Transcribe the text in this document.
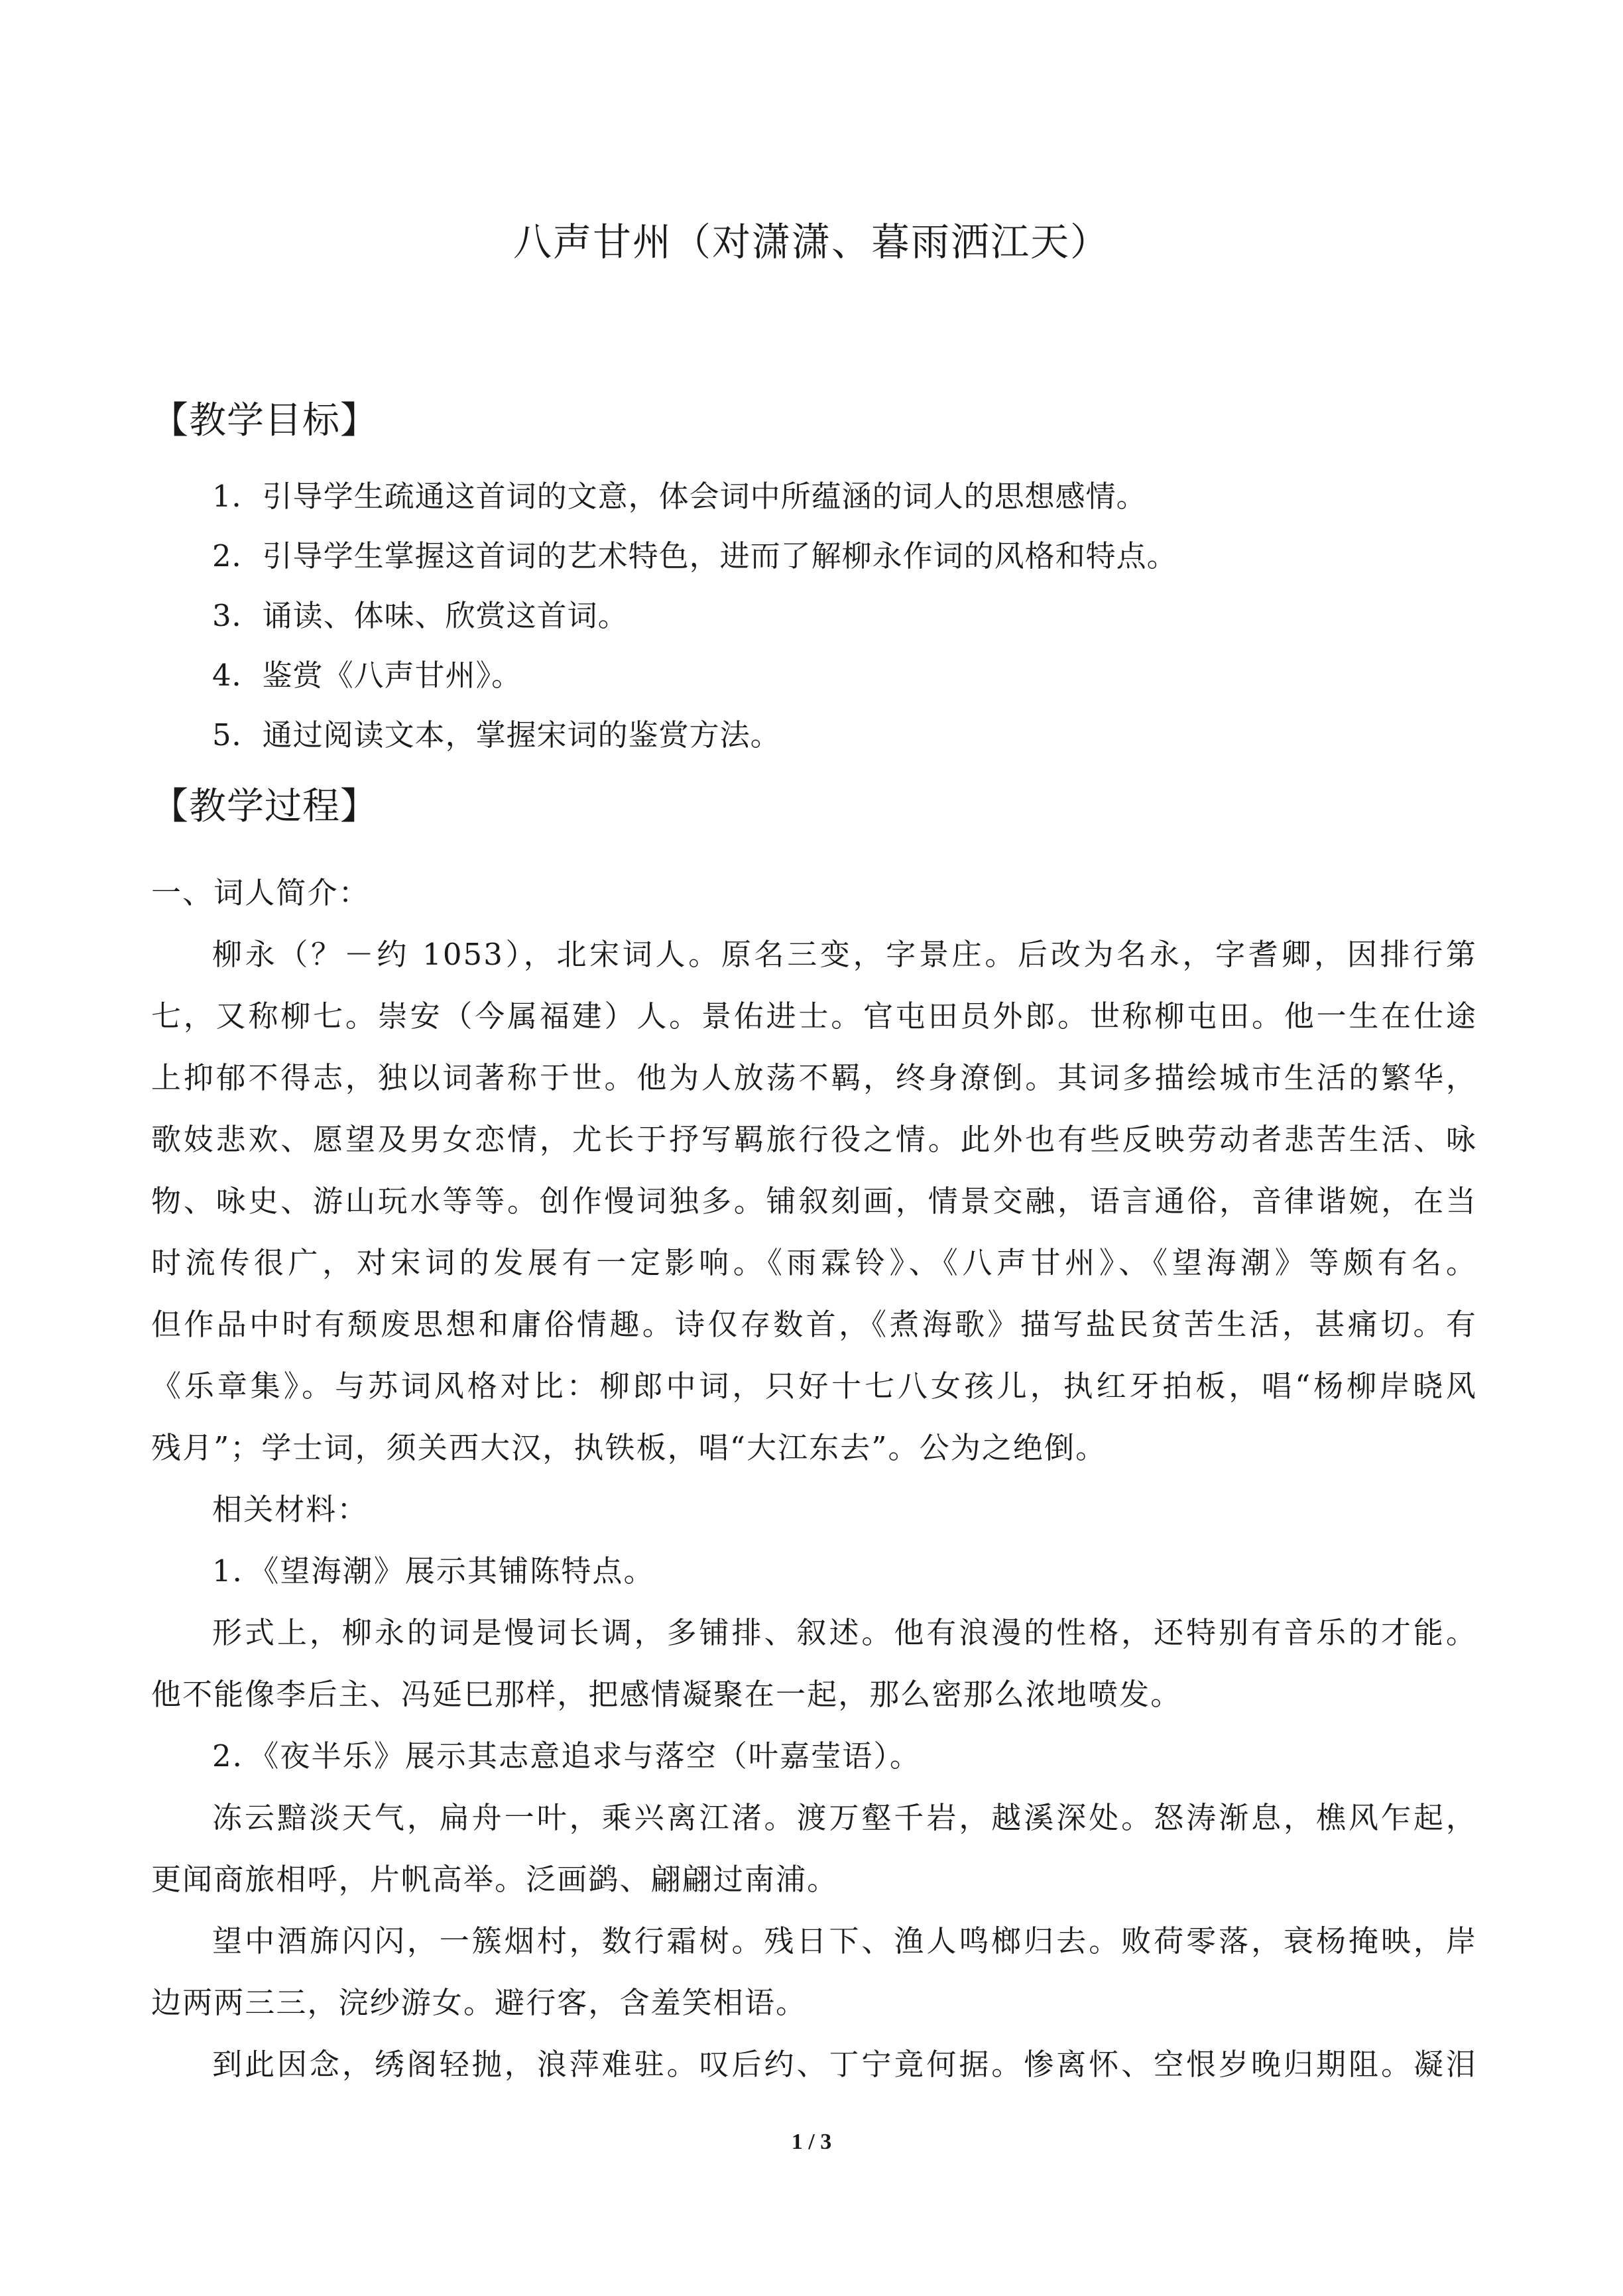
八声甘州（对潇潇、暮雨洒江天）
【教学目标】
1．引导学生疏通这首词的文意，体会词中所蕴涵的词人的思想感情。
2．引导学生掌握这首词的艺术特色，进而了解柳永作词的风格和特点。
3．诵读、体味、欣赏这首词。
4．鉴赏《八声甘州》。
5．通过阅读文本，掌握宋词的鉴赏方法。
【教学过程】
一、词人简介：
柳永（？－约 1053），北宋词人。原名三变，字景庄。后改为名永，字耆卿，因排行第
七，又称柳七。崇安（今属福建）人。景佑进士。官屯田员外郎。世称柳屯田。他一生在仕途
上抑郁不得志，独以词著称于世。他为人放荡不羁，终身潦倒。其词多描绘城市生活的繁华，
歌妓悲欢、愿望及男女恋情，尤长于抒写羁旅行役之情。此外也有些反映劳动者悲苦生活、咏
物、咏史、游山玩水等等。创作慢词独多。铺叙刻画，情景交融，语言通俗，音律谐婉，在当
时流传很广，对宋词的发展有一定影响。《雨霖铃》、《八声甘州》、《望海潮》等颇有名。
但作品中时有颓废思想和庸俗情趣。诗仅存数首，《煮海歌》描写盐民贫苦生活，甚痛切。有
《乐章集》。与苏词风格对比：柳郎中词，只好十七八女孩儿，执红牙拍板，唱“杨柳岸晓风
残月”；学士词，须关西大汉，执铁板，唱“大江东去”。公为之绝倒。
相关材料：
1．《望海潮》展示其铺陈特点。
形式上，柳永的词是慢词长调，多铺排、叙述。他有浪漫的性格，还特别有音乐的才能。
他不能像李后主、冯延巳那样，把感情凝聚在一起，那么密那么浓地喷发。
2．《夜半乐》展示其志意追求与落空（叶嘉莹语）。
冻云黯淡天气，扁舟一叶，乘兴离江渚。渡万壑千岩，越溪深处。怒涛渐息，樵风乍起，
更闻商旅相呼，片帆高举。泛画鹢、翩翩过南浦。
望中酒旆闪闪，一簇烟村，数行霜树。残日下、渔人鸣榔归去。败荷零落，衰杨掩映，岸
边两两三三，浣纱游女。避行客，含羞笑相语。
到此因念，绣阁轻抛，浪萍难驻。叹后约、丁宁竟何据。惨离怀、空恨岁晚归期阻。凝泪
1 / 3
